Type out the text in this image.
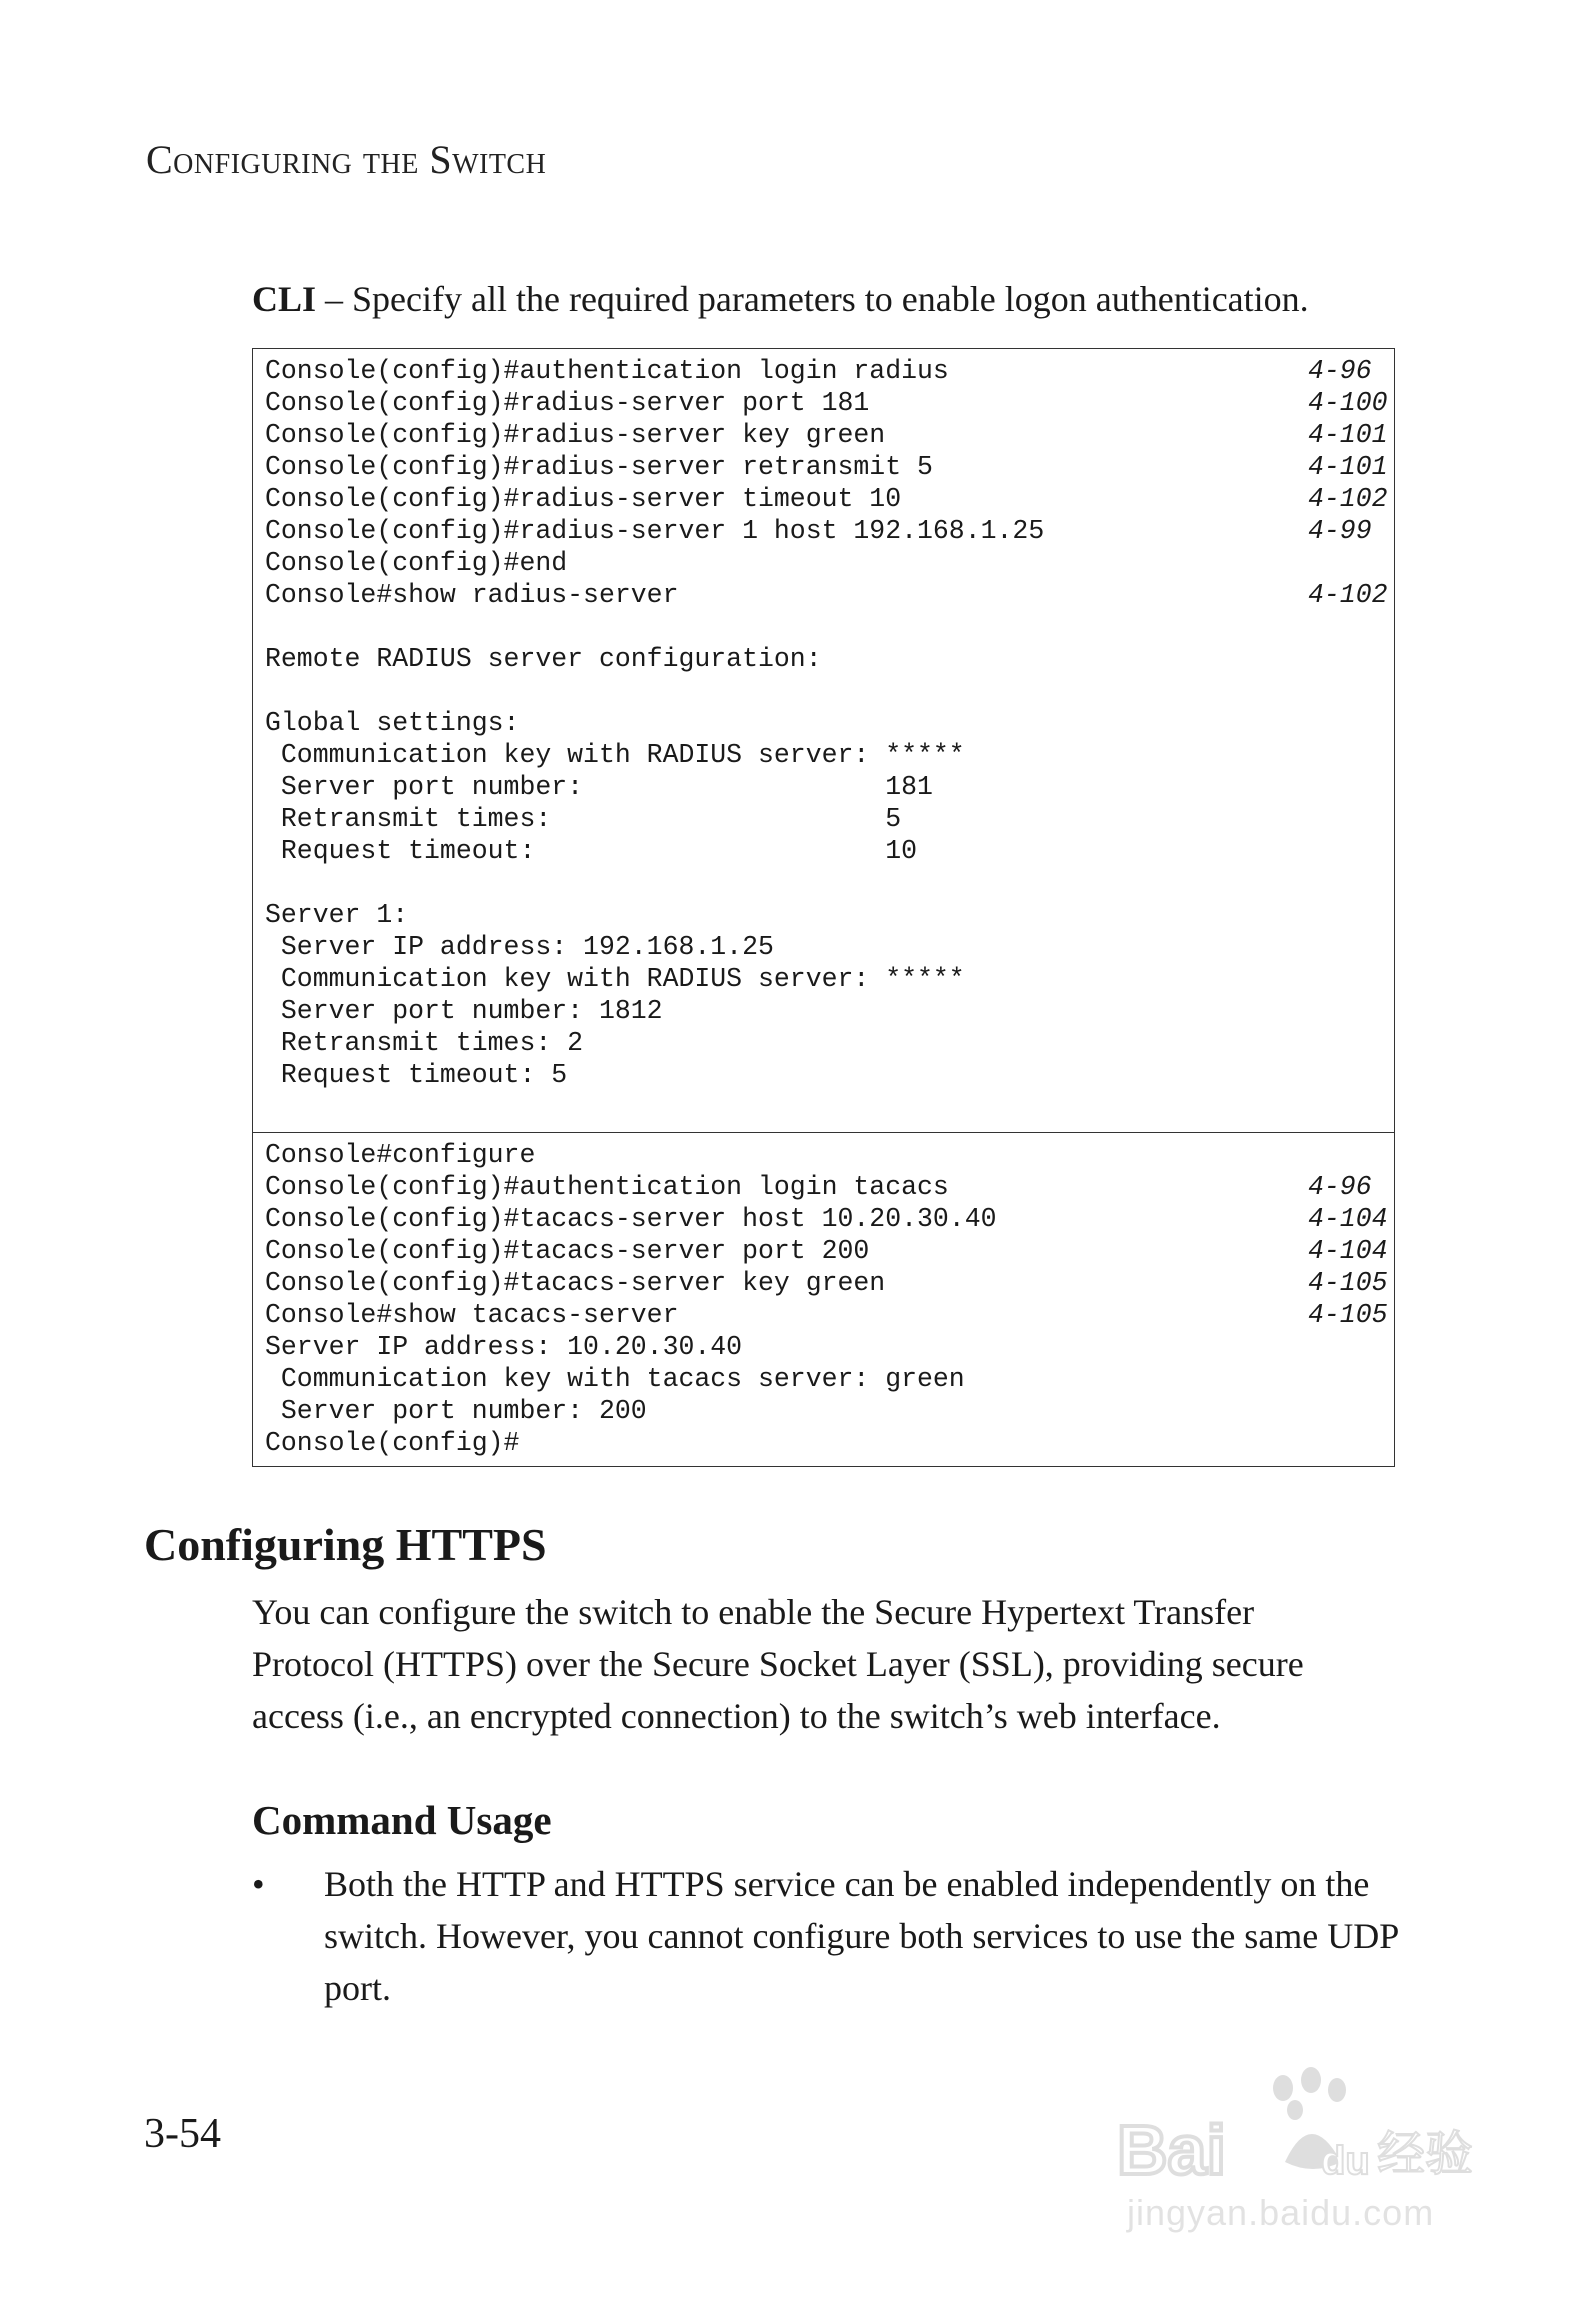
Configuring the Switch
CLI – Specify all the required parameters to enable logon authentication.
Console(config)#authentication login radius	4-96
Console(config)#radius-server port 181	4-100
Console(config)#radius-server key green	4-101
Console(config)#radius-server retransmit 5	4-101
Console(config)#radius-server timeout 10	4-102
Console(config)#radius-server 1 host 192.168.1.25	4-99
Console(config)#end
Console#show radius-server	4-102
Remote RADIUS server configuration:
Global settings:
Communication key with RADIUS server: *****
Server port number:                   181
Retransmit times:                     5
Request timeout:                      10
Server 1:
Server IP address: 192.168.1.25
Communication key with RADIUS server: *****
Server port number: 1812
Retransmit times: 2
Request timeout: 5
Console#configure
Console(config)#authentication login tacacs	4-96
Console(config)#tacacs-server host 10.20.30.40	4-104
Console(config)#tacacs-server port 200	4-104
Console(config)#tacacs-server key green	4-105
Console#show tacacs-server	4-105
Server IP address: 10.20.30.40
Communication key with tacacs server: green
Server port number: 200
Console(config)#
Configuring HTTPS
You can configure the switch to enable the Secure Hypertext Transfer Protocol (HTTPS) over the Secure Socket Layer (SSL), providing secure access (i.e., an encrypted connection) to the switch’s web interface.
Command Usage
• Both the HTTP and HTTPS service can be enabled independently on the switch. However, you cannot configure both services to use the same UDP port.
3-54	Bai du 经验
jingyan.baidu.com
